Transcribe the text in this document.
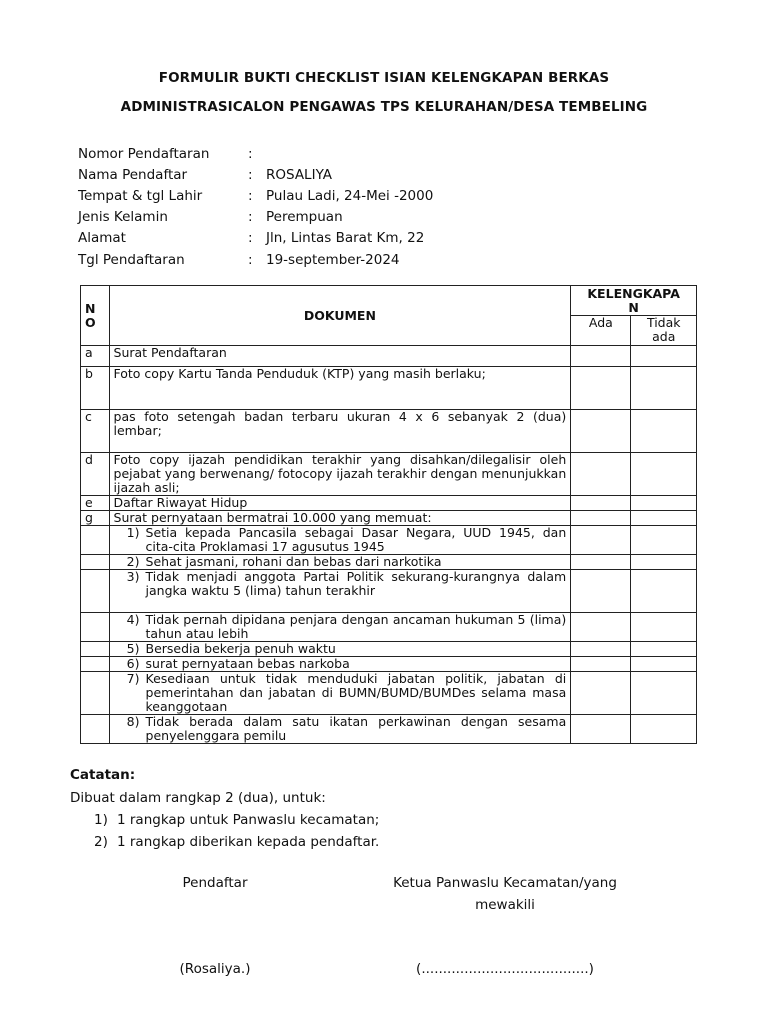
FORMULIR BUKTI CHECKLIST ISIAN KELENGKAPAN BERKAS
ADMINISTRASICALON PENGAWAS TPS KELURAHAN/DESA TEMBELING
Nomor Pendaftaran	:
Nama Pendaftar	: ROSALIYA
Tempat & tgl Lahir	: Pulau Ladi, 24-Mei -2000
Jenis Kelamin	: Perempuan
Alamat	: Jln, Lintas Barat Km, 22
Tgl Pendaftaran	: 19-september-2024
N
O	DOKUMEN	KELENGKAPA
N	
		Ada	Tidak
ada
a	Surat Pendaftaran		
b	Foto copy Kartu Tanda Penduduk (KTP) yang masih berlaku;		
c	pas foto setengah badan terbaru ukuran 4 x 6 sebanyak 2 (dua) lembar;		
d	Foto copy ijazah pendidikan terakhir yang disahkan/dilegalisir oleh pejabat yang berwenang/ fotocopy ijazah terakhir dengan menunjukkan ijazah asli;		
e	Daftar Riwayat Hidup		
g	Surat pernyataan bermatrai 10.000 yang memuat:		

	1) Setia kepada Pancasila sebagai Dasar Negara, UUD 1945, dan cita-cita Proklamasi 17 agusutus 1945		

	2) Sehat jasmani, rohani dan bebas dari narkotika		

	3) Tidak menjadi anggota Partai Politik sekurang-kurangnya dalam jangka waktu 5 (lima) tahun terakhir		

	4) Tidak pernah dipidana penjara dengan ancaman hukuman 5 (lima) tahun atau lebih		

	5) Bersedia bekerja penuh waktu		

	6) surat pernyataan bebas narkoba		

	7) Kesediaan untuk tidak menduduki jabatan politik, jabatan di pemerintahan dan jabatan di BUMN/BUMD/BUMDes selama masa keanggotaan		

	8) Tidak berada dalam satu ikatan perkawinan dengan sesama penyelenggara pemilu		

Catatan:
Dibuat dalam rangkap 2 (dua), untuk:
1) 1 rangkap untuk Panwaslu kecamatan;
2) 1 rangkap diberikan kepada pendaftar.
Pendaftar	Ketua Panwaslu Kecamatan/yang
mewakili
(Rosaliya.)	(.......................................)
